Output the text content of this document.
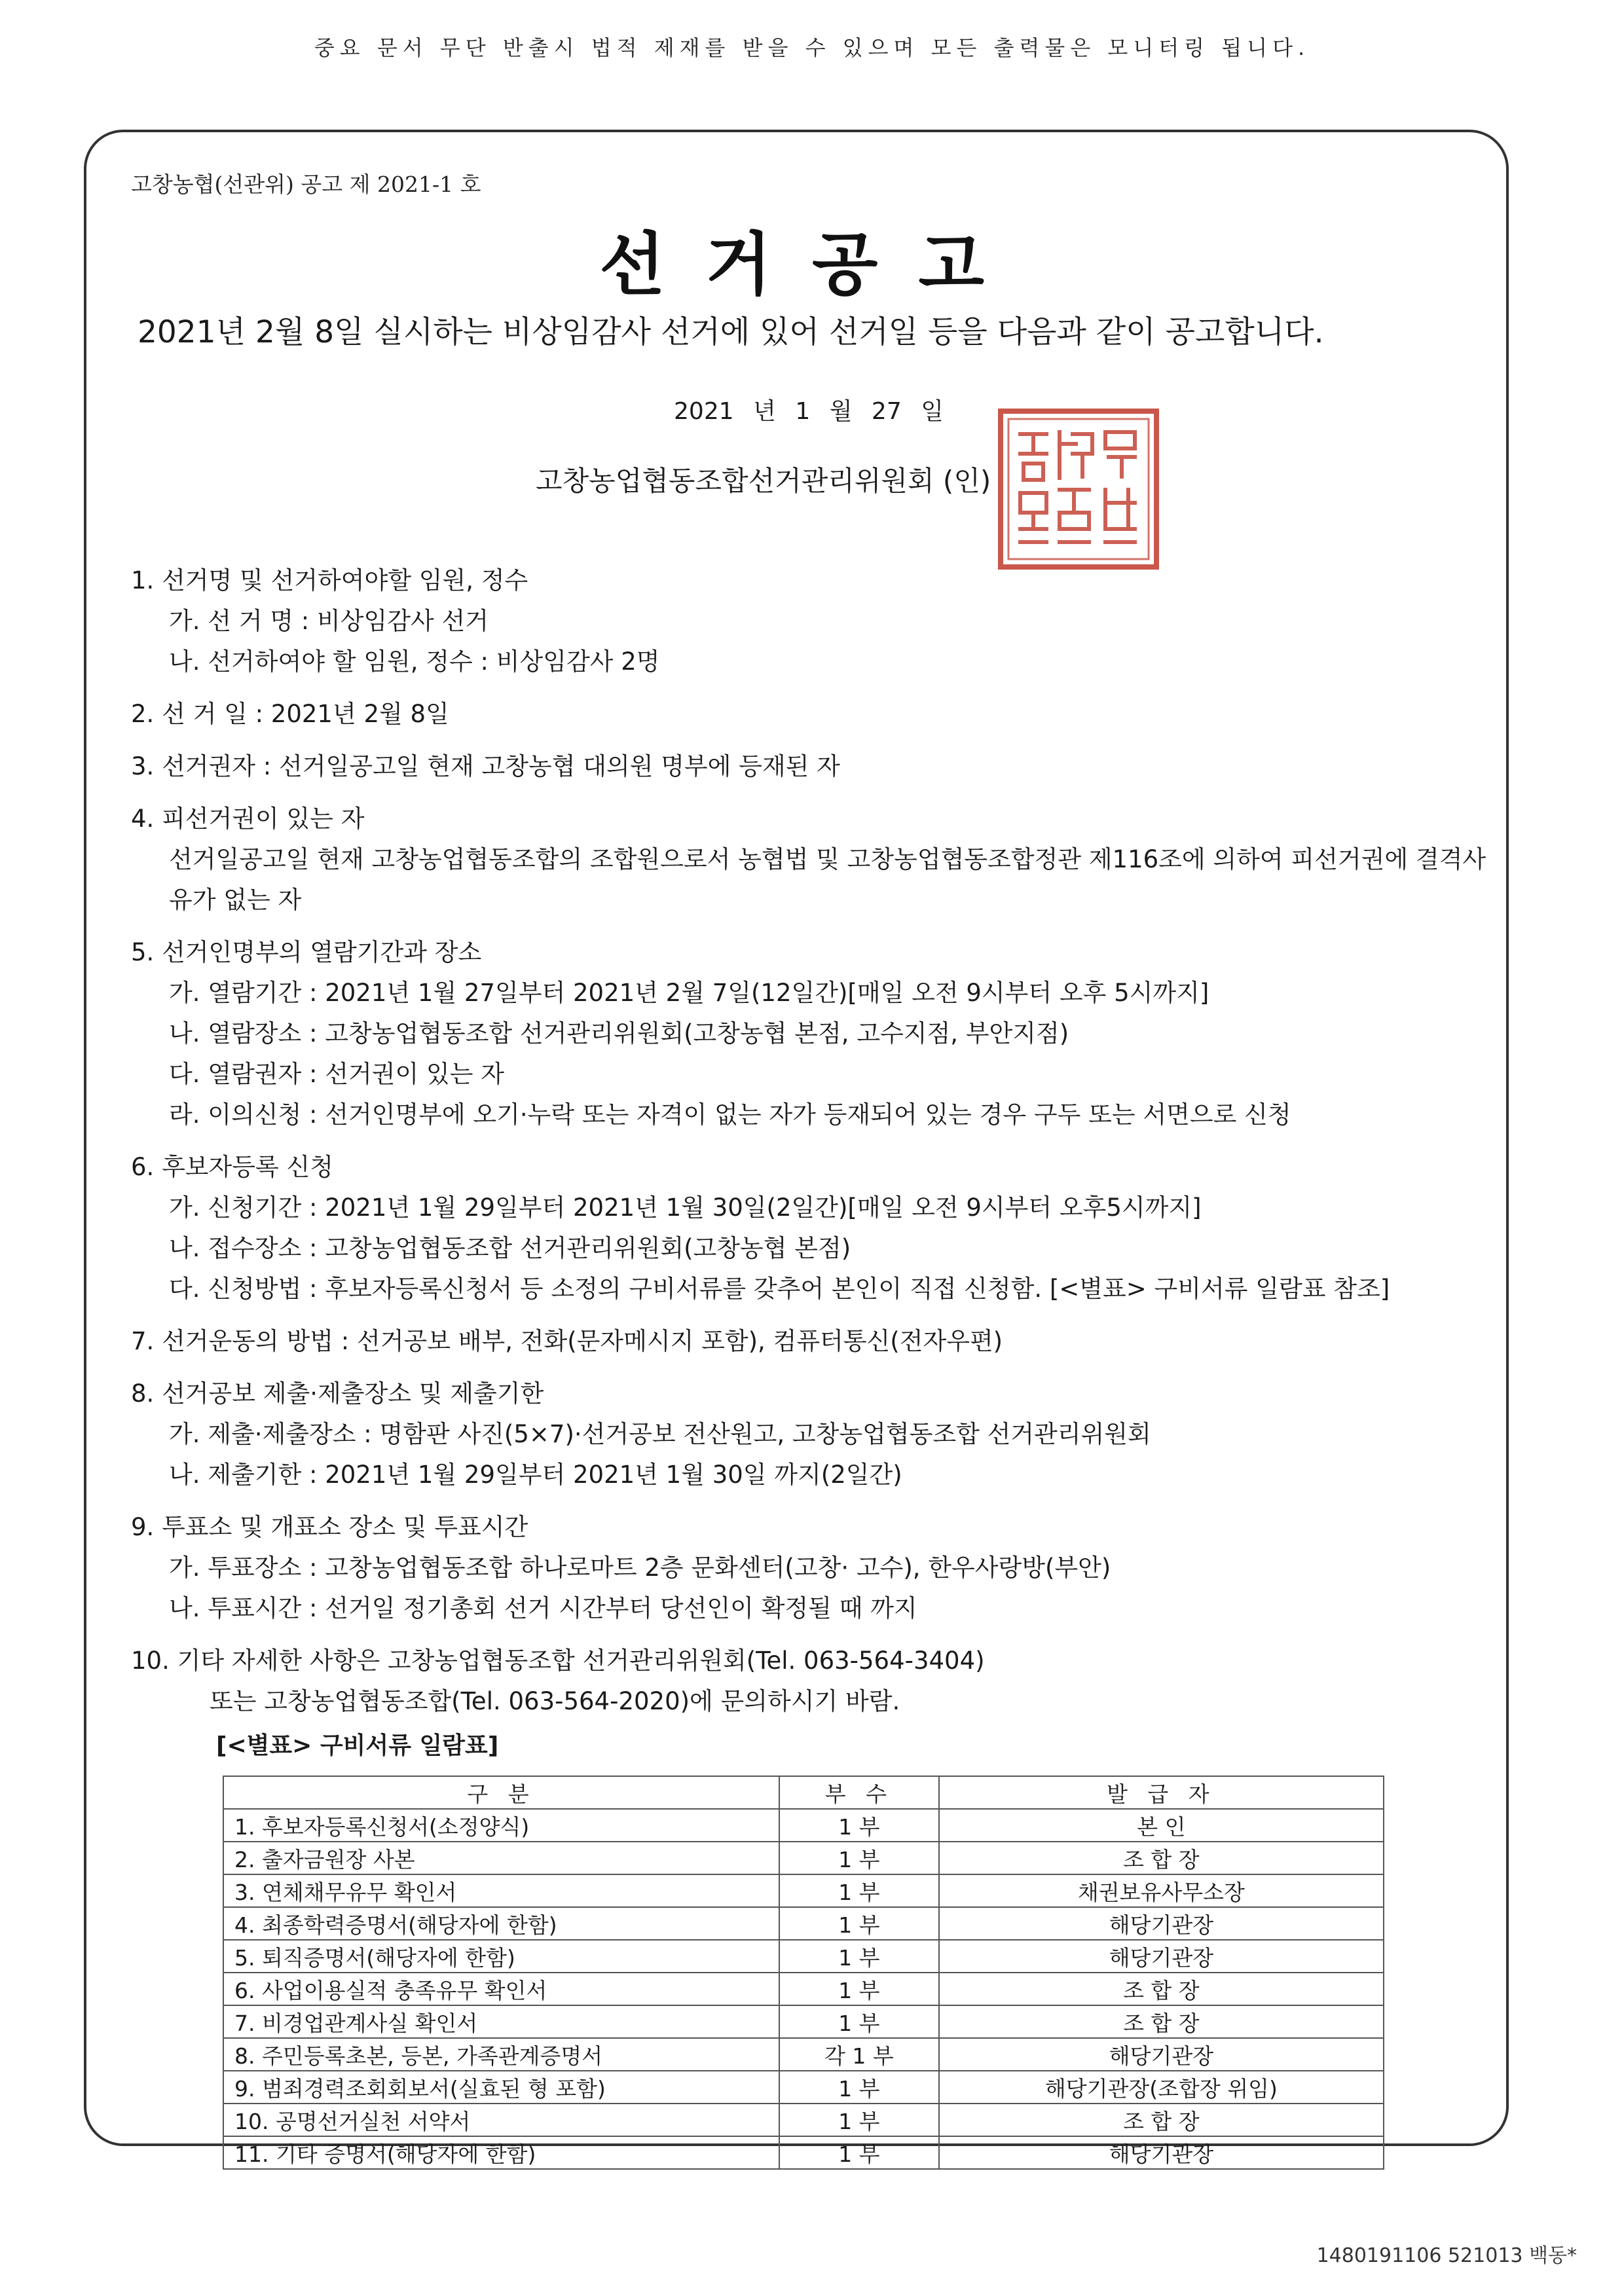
중요 문서 무단 반출시 법적 제재를 받을 수 있으며 모든 출력물은 모니터링 됩니다.
고창농협(선관위) 공고 제 2021-1 호
선거공고
2021년 2월 8일 실시하는 비상임감사 선거에 있어 선거일 등을 다음과 같이 공고합니다.
2021 년 1 월 27 일
고창농업협동조합선거관리위원회 (인)
1. 선거명 및 선거하여야할 임원, 정수
가. 선 거 명 : 비상임감사 선거
나. 선거하여야 할 임원, 정수 : 비상임감사 2명
2. 선 거 일 : 2021년 2월 8일
3. 선거권자 : 선거일공고일 현재 고창농협 대의원 명부에 등재된 자
4. 피선거권이 있는 자
선거일공고일 현재 고창농업협동조합의 조합원으로서 농협법 및 고창농업협동조합정관 제116조에 의하여 피선거권에 결격사유가 없는 자
5. 선거인명부의 열람기간과 장소
가. 열람기간 : 2021년 1월 27일부터 2021년 2월 7일(12일간)[매일 오전 9시부터 오후 5시까지]
나. 열람장소 : 고창농업협동조합 선거관리위원회(고창농협 본점, 고수지점, 부안지점)
다. 열람권자 : 선거권이 있는 자
라. 이의신청 : 선거인명부에 오기·누락 또는 자격이 없는 자가 등재되어 있는 경우 구두 또는 서면으로 신청
6. 후보자등록 신청
가. 신청기간 : 2021년 1월 29일부터 2021년 1월 30일(2일간)[매일 오전 9시부터 오후5시까지]
나. 접수장소 : 고창농업협동조합 선거관리위원회(고창농협 본점)
다. 신청방법 : 후보자등록신청서 등 소정의 구비서류를 갖추어 본인이 직접 신청함. [<별표> 구비서류 일람표 참조]
7. 선거운동의 방법 : 선거공보 배부, 전화(문자메시지 포함), 컴퓨터통신(전자우편)
8. 선거공보 제출·제출장소 및 제출기한
가. 제출·제출장소 : 명함판 사진(5×7)·선거공보 전산원고, 고창농업협동조합 선거관리위원회
나. 제출기한 : 2021년 1월 29일부터 2021년 1월 30일 까지(2일간)
9. 투표소 및 개표소 장소 및 투표시간
가. 투표장소 : 고창농업협동조합 하나로마트 2층 문화센터(고창· 고수), 한우사랑방(부안)
나. 투표시간 : 선거일 정기총회 선거 시간부터 당선인이 확정될 때 까지
10. 기타 자세한 사항은 고창농업협동조합 선거관리위원회(Tel. 063-564-3404)
또는 고창농업협동조합(Tel. 063-564-2020)에 문의하시기 바람.
[<별표> 구비서류 일람표]
구 분	부 수	발 급 자
1. 후보자등록신청서(소정양식)	1 부	본 인
2. 출자금원장 사본	1 부	조 합 장
3. 연체채무유무 확인서	1 부	채권보유사무소장
4. 최종학력증명서(해당자에 한함)	1 부	해당기관장
5. 퇴직증명서(해당자에 한함)	1 부	해당기관장
6. 사업이용실적 충족유무 확인서	1 부	조 합 장
7. 비경업관계사실 확인서	1 부	조 합 장
8. 주민등록초본, 등본, 가족관계증명서	각 1 부	해당기관장
9. 범죄경력조회회보서(실효된 형 포함)	1 부	해당기관장(조합장 위임)
10. 공명선거실천 서약서	1 부	조 합 장
11. 기타 증명서(해당자에 한함)	1 부	해당기관장
1480191106 521013 백동*
